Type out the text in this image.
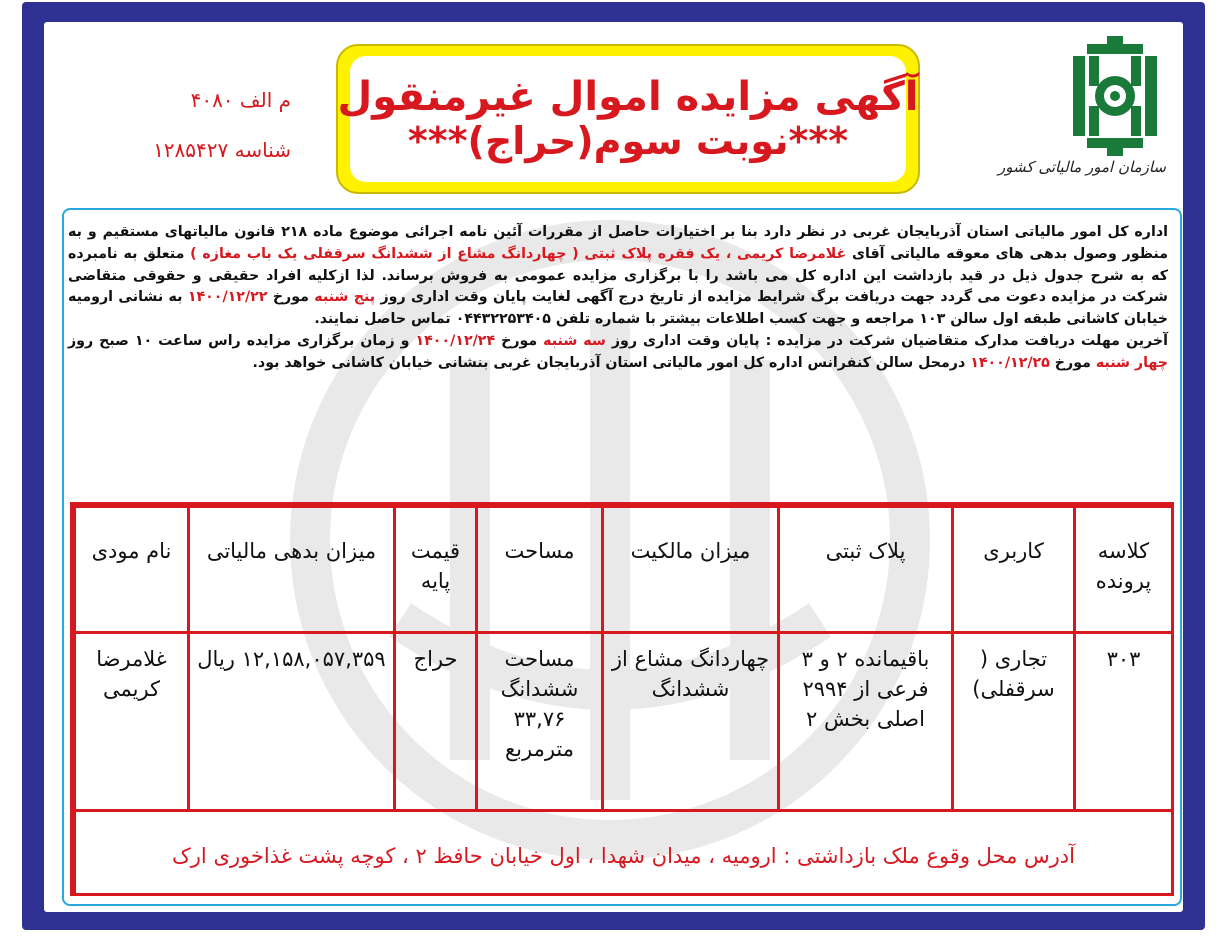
سازمان امور مالیاتی کشور
آگهی مزایده اموال غیرمنقول
***نوبت سوم(حراج)***
م الف ۴۰۸۰
شناسه ۱۲۸۵۴۲۷

اداره کل امور مالیاتی استان آذربایجان غربی در نظر دارد بنا بر اختیارات حاصل از مقررات آئین نامه اجرائی موضوع ماده ۲۱۸ قانون مالیاتهای مستقیم و به منظور وصول بدهی های معوقه مالیاتی آقای غلامرضا کریمی ، یک فقره پلاک ثبتی ( چهاردانگ مشاع از ششدانگ سرقفلی یک باب مغازه ) متعلق به نامبرده که به شرح جدول ذیل در قید بازداشت این اداره کل می باشد را با برگزاری مزایده عمومی به فروش برساند. لذا ازکلیه افراد حقیقی و حقوقی متقاضی شرکت در مزایده دعوت می گردد جهت دریافت برگ شرایط مزایده از تاریخ درج آگهی لغایت پایان وقت اداری روز پنج شنبه مورخ ۱۴۰۰/۱۲/۲۲ به نشانی ارومیه خیابان کاشانی طبقه اول سالن ۱۰۳ مراجعه و جهت کسب اطلاعات بیشتر با شماره تلفن ۰۴۴۳۲۲۵۳۴۰۵ تماس حاصل نمایند.

آخرین مهلت دریافت مدارک متقاضیان شرکت در مزایده : پایان وقت اداری روز سه شنبه مورخ ۱۴۰۰/۱۲/۲۴ و زمان برگزاری مزایده راس ساعت ۱۰ صبح روز چهار شنبه مورخ ۱۴۰۰/۱۲/۲۵ درمحل سالن کنفرانس اداره کل امور مالیاتی استان آذربایجان غربی بنشانی خیابان کاشانی خواهد بود.

کلاسه پرونده	کاربری	پلاک ثبتی	میزان مالکیت	مساحت	قیمت پایه	میزان بدهی مالیاتی	نام مودی
۳۰۳	تجاری ( سرقفلی)	باقیمانده ۲ و ۳ فرعی از ۲۹۹۴ اصلی بخش ۲	چهاردانگ مشاع از ششدانگ	مساحت ششدانگ ۳۳,۷۶ مترمربع	حراج	۱۲,۱۵۸,۰۵۷,۳۵۹ ریال	غلامرضا کریمی
آدرس محل وقوع ملک بازداشتی : ارومیه ، میدان شهدا ، اول خیابان حافظ ۲ ، کوچه پشت غذاخوری ارک							
